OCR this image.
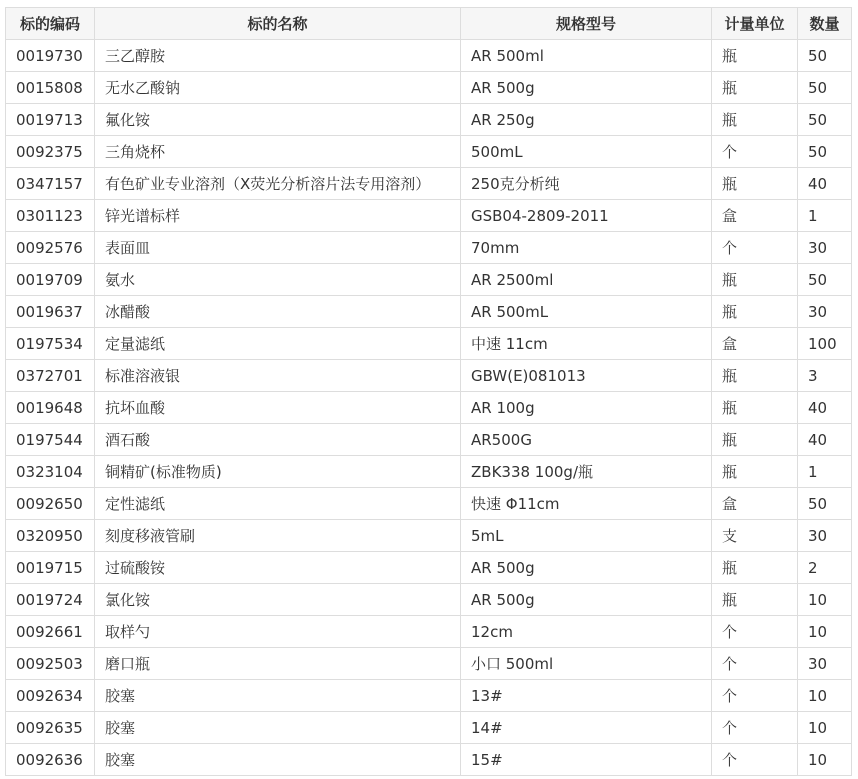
标的编码	标的名称	规格型号	计量单位	数量
0019730	三乙醇胺	AR 500ml	瓶	50
0015808	无水乙酸钠	AR 500g	瓶	50
0019713	氟化铵	AR 250g	瓶	50
0092375	三角烧杯	500mL	个	50
0347157	有色矿业专业溶剂（X荧光分析溶片法专用溶剂）	250克分析纯	瓶	40
0301123	锌光谱标样	GSB04-2809-2011	盒	1
0092576	表面皿	70mm	个	30
0019709	氨水	AR 2500ml	瓶	50
0019637	冰醋酸	AR 500mL	瓶	30
0197534	定量滤纸	中速 11cm	盒	100
0372701	标准溶液银	GBW(E)081013	瓶	3
0019648	抗坏血酸	AR 100g	瓶	40
0197544	酒石酸	AR500G	瓶	40
0323104	铜精矿(标准物质)	ZBK338 100g/瓶	瓶	1
0092650	定性滤纸	快速 Φ11cm	盒	50
0320950	刻度移液管刷	5mL	支	30
0019715	过硫酸铵	AR 500g	瓶	2
0019724	氯化铵	AR 500g	瓶	10
0092661	取样勺	12cm	个	10
0092503	磨口瓶	小口 500ml	个	30
0092634	胶塞	13#	个	10
0092635	胶塞	14#	个	10
0092636	胶塞	15#	个	10
